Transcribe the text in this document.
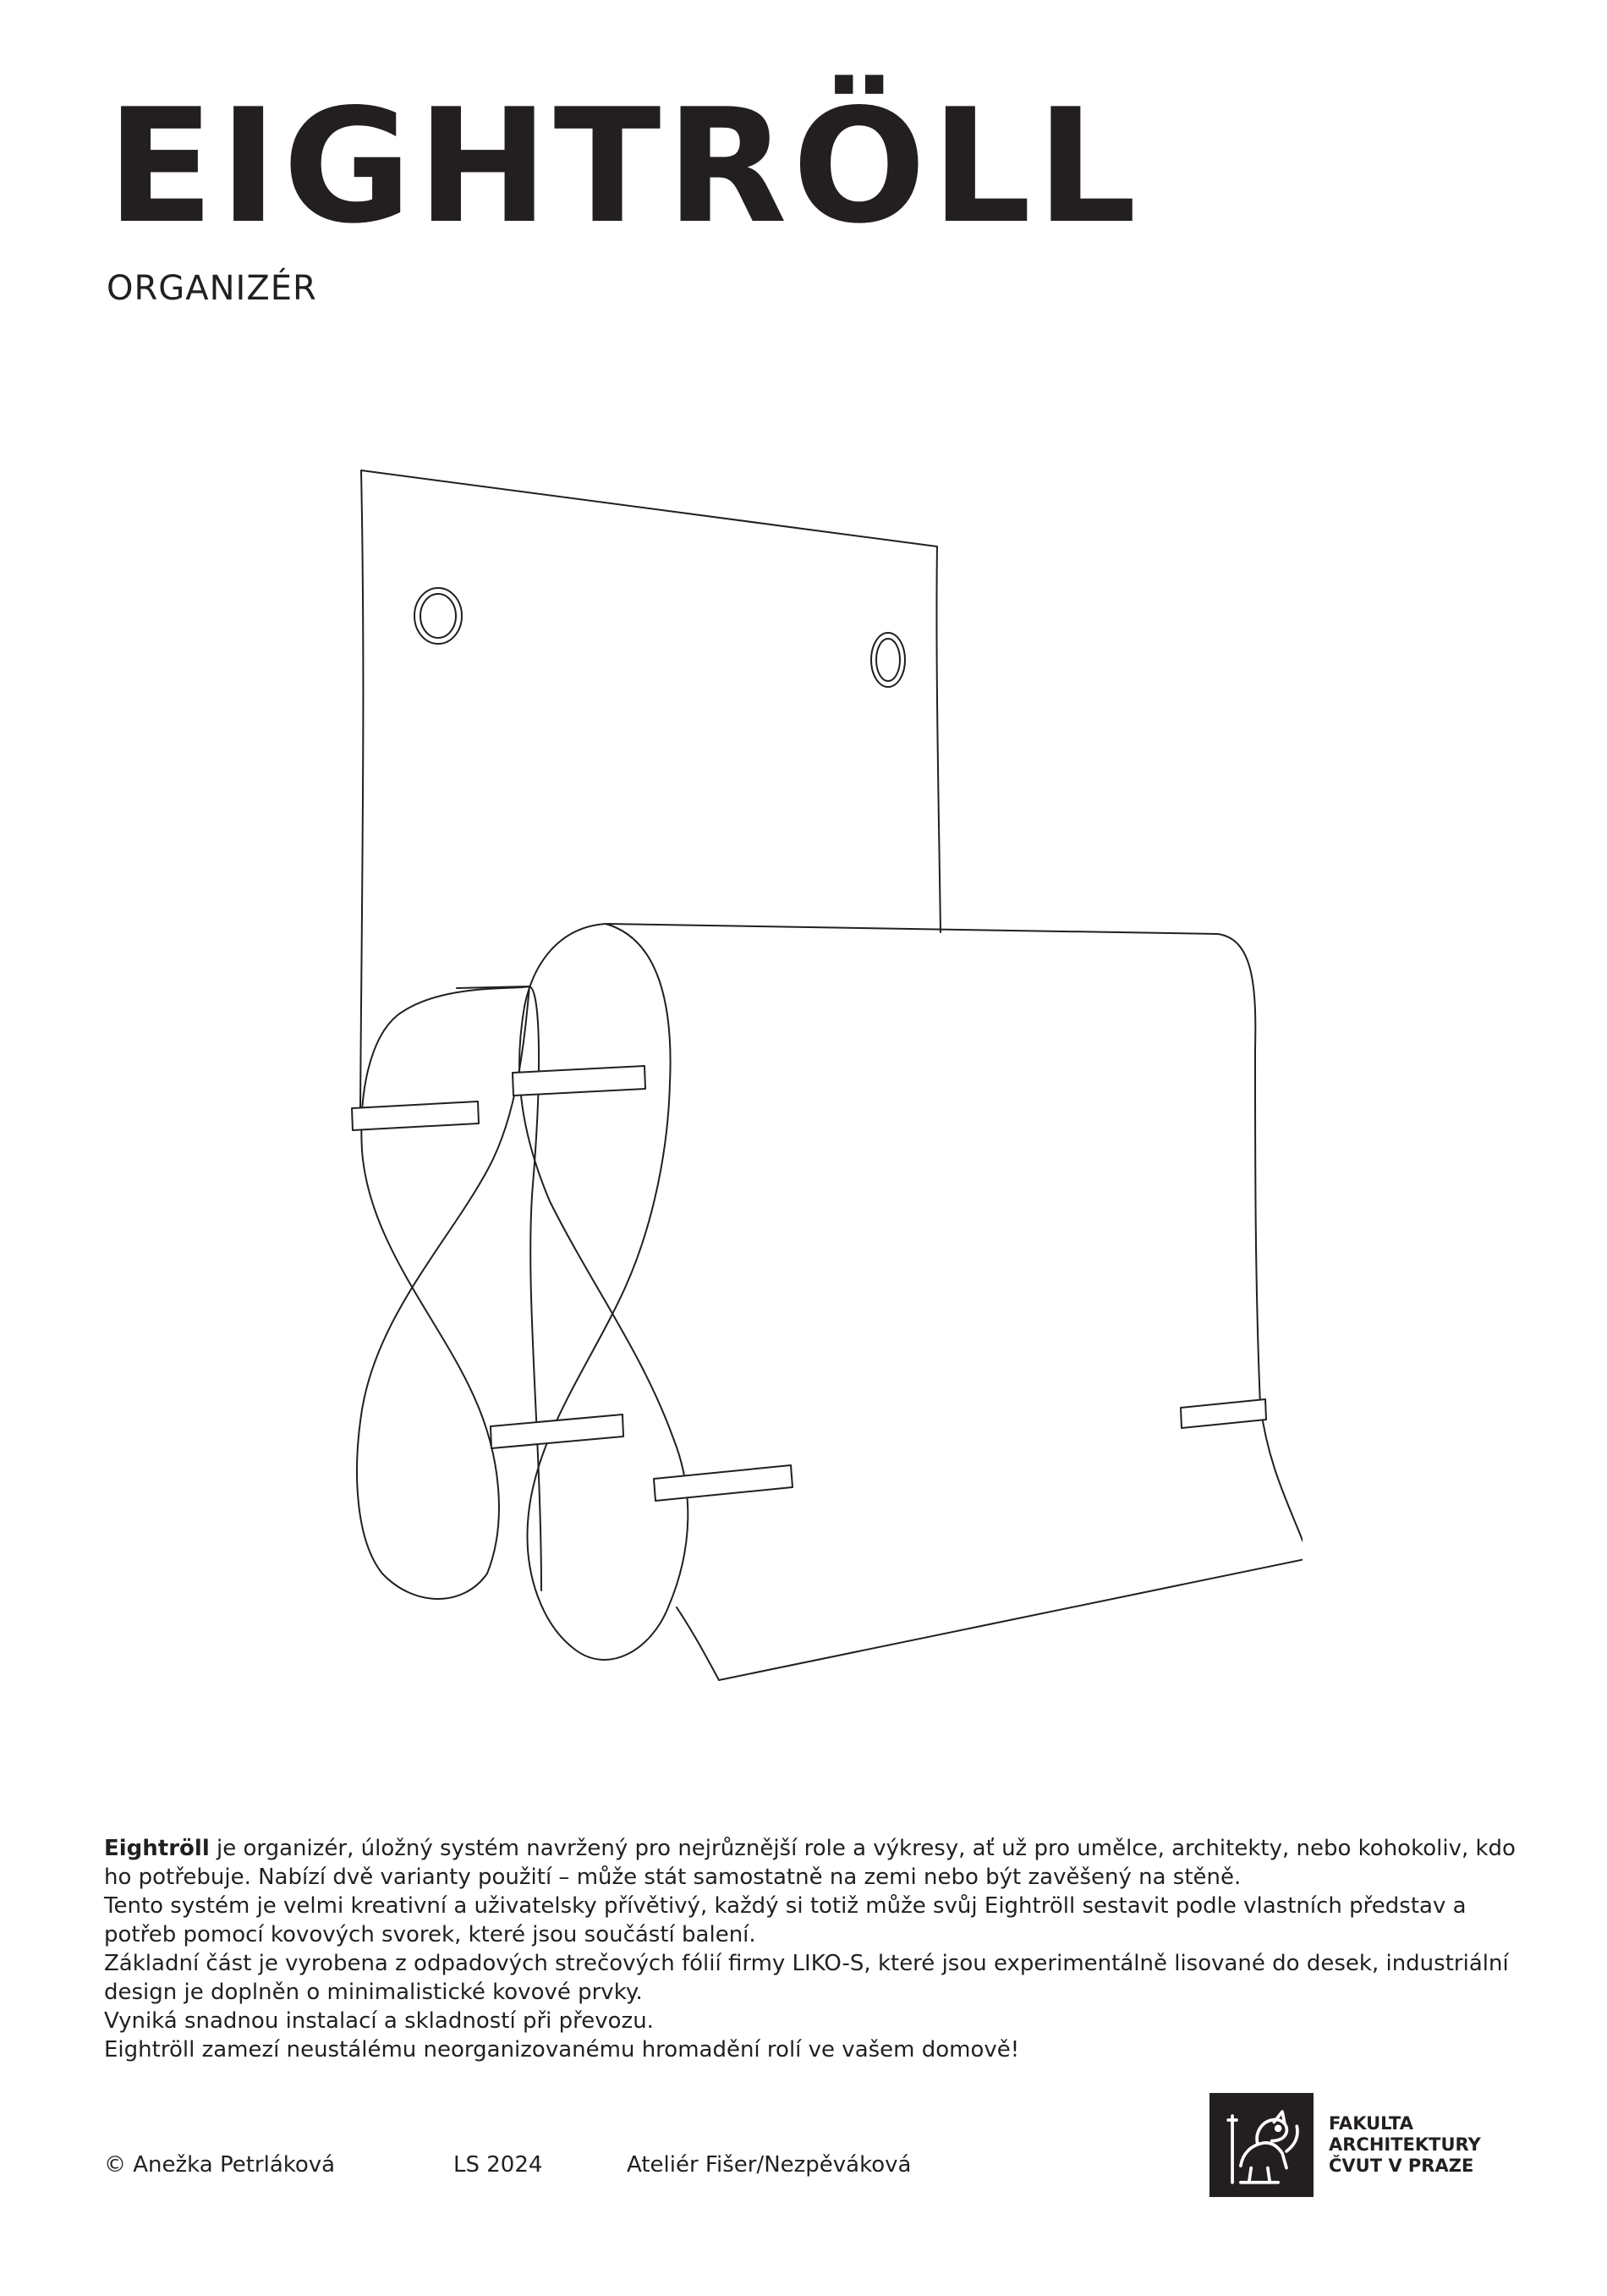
EIGHTRÖLL
ORGANIZÉR

Eightröll je organizér, úložný systém navržený pro nejrůznější role a výkresy, ať už pro umělce, architekty, nebo kohokoliv, kdo ho potřebuje. Nabízí dvě varianty použití – může stát samostatně na zemi nebo být zavěšený na stěně.

Tento systém je velmi kreativní a uživatelsky přívětivý, každý si totiž může svůj Eightröll sestavit podle vlastních představ a potřeb pomocí kovových svorek, které jsou součástí balení.

Základní část je vyrobena z odpadových strečových fólií firmy LIKO-S, které jsou experimentálně lisované do desek, industriální design je doplněn o minimalistické kovové prvky.

Vyniká snadnou instalací a skladností při převozu.

Eightröll zamezí neustálému neorganizovanému hromadění rolí ve vašem domově!

© Anežka Petrláková	LS 2024	Ateliér Fišer/Nezpěváková
FAKULTA
ARCHITEKTURY
ČVUT V PRAZE
